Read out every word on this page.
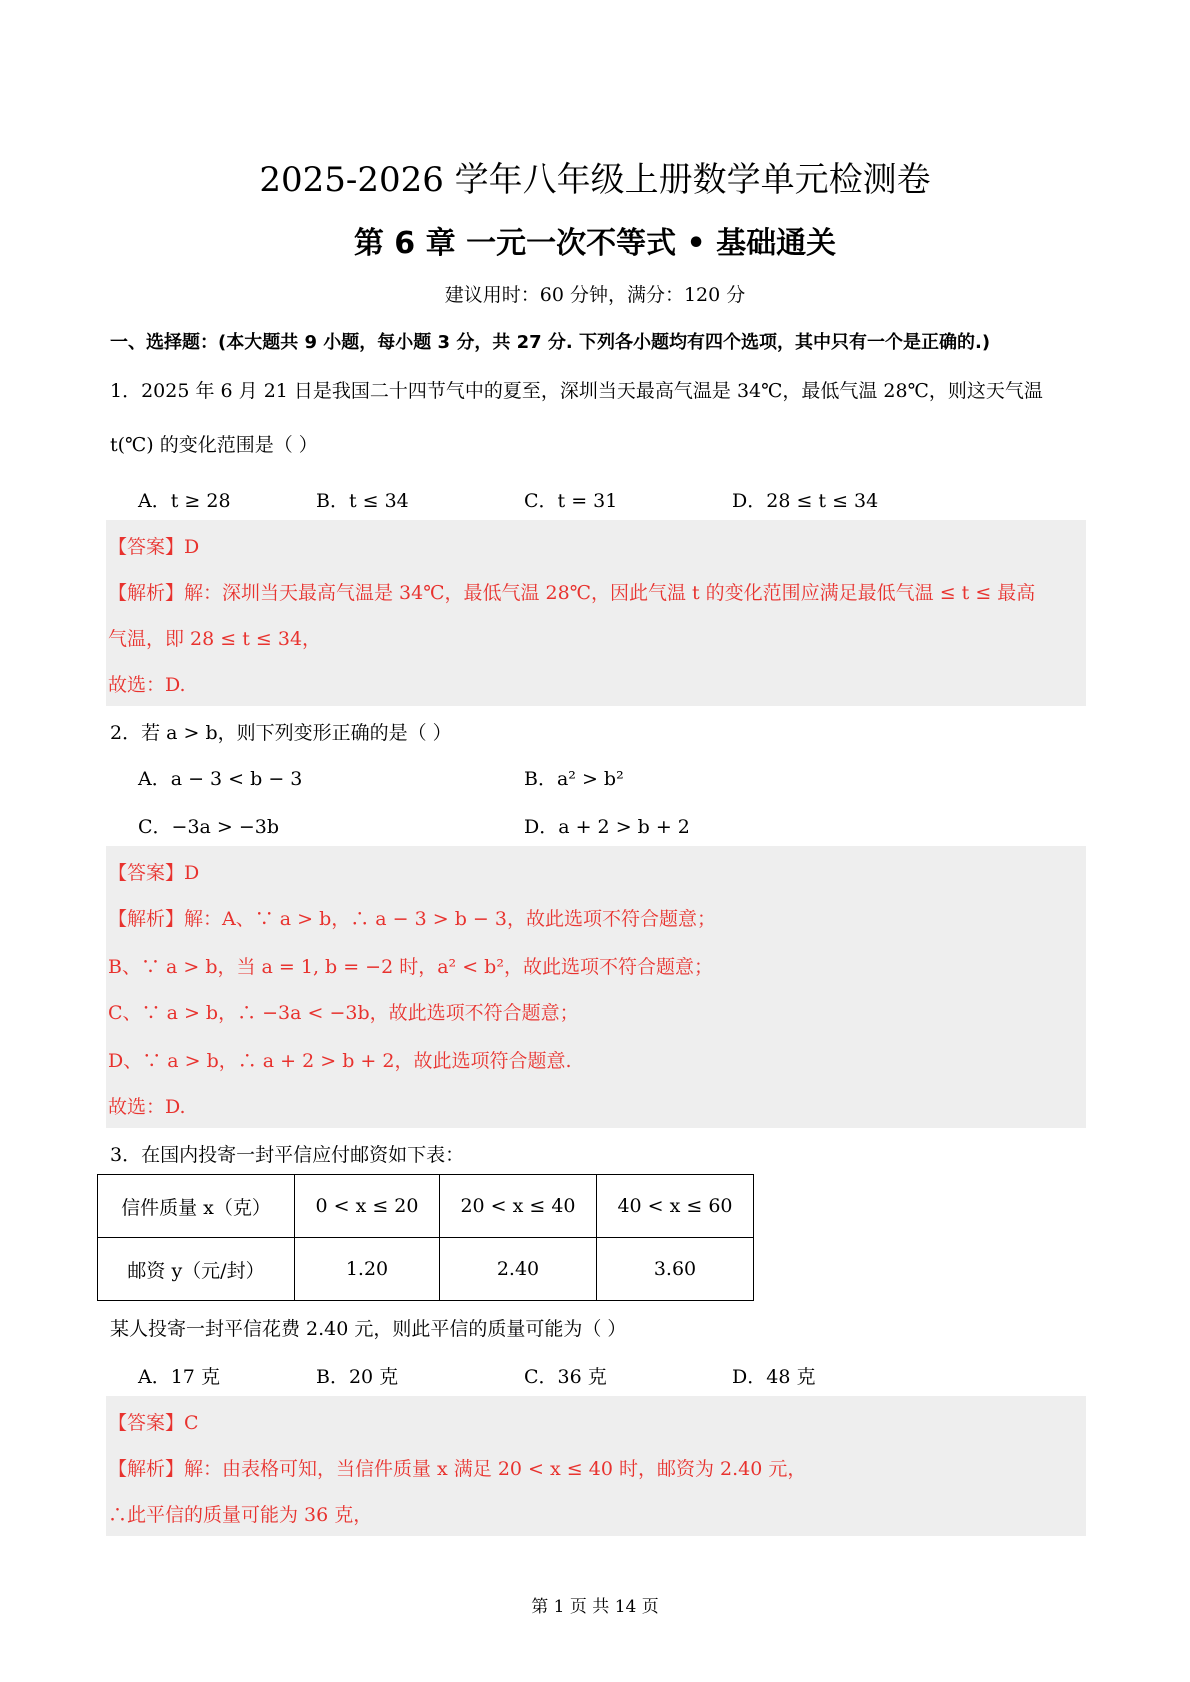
2025-2026 学年八年级上册数学单元检测卷
第 6 章 一元一次不等式 • 基础通关
建议用时：60 分钟，满分：120 分
一、选择题：(本大题共 9 小题，每小题 3 分，共 27 分. 下列各小题均有四个选项，其中只有一个是正确的.)
1．2025 年 6 月 21 日是我国二十四节气中的夏至，深圳当天最高气温是 34℃，最低气温 28℃，则这天气温
t(℃) 的变化范围是（ ）
A．t ≥ 28	B．t ≤ 34	C．t = 31	D．28 ≤ t ≤ 34
【答案】D
【解析】解：深圳当天最高气温是 34℃，最低气温 28℃，因此气温 t 的变化范围应满足最低气温 ≤ t ≤ 最高
气温，即 28 ≤ t ≤ 34，
故选：D.
2．若 a > b，则下列变形正确的是（ ）
A．a − 3 < b − 3	B．a² > b²
C．−3a > −3b	D．a + 2 > b + 2
【答案】D
【解析】解：A、∵ a > b，∴ a − 3 > b − 3，故此选项不符合题意；
B、∵ a > b，当 a = 1, b = −2 时，a² < b²，故此选项不符合题意；
C、∵ a > b，∴ −3a < −3b，故此选项不符合题意；
D、∵ a > b，∴ a + 2 > b + 2，故此选项符合题意.
故选：D.
3．在国内投寄一封平信应付邮资如下表：
信件质量 x（克）	0 < x ≤ 20	20 < x ≤ 40	40 < x ≤ 60
邮资 y（元/封）	1.20	2.40	3.60
某人投寄一封平信花费 2.40 元，则此平信的质量可能为（ ）
A．17 克	B．20 克	C．36 克	D．48 克
【答案】C
【解析】解：由表格可知，当信件质量 x 满足 20 < x ≤ 40 时，邮资为 2.40 元，
∴此平信的质量可能为 36 克，
第 1 页 共 14 页
